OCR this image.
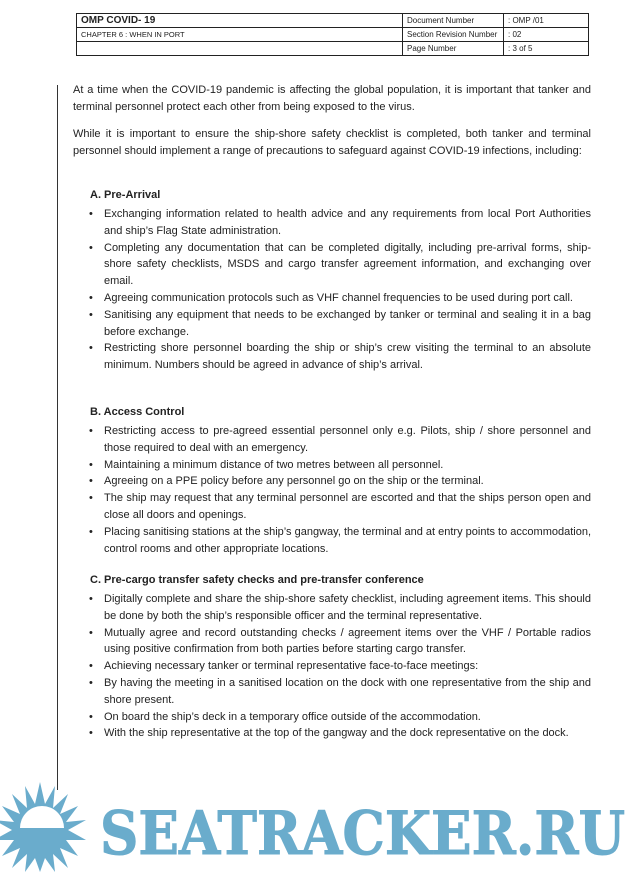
OMP COVID- 19	Document Number	: OMP /01
CHAPTER 6 : WHEN IN PORT	Section Revision Number	: 02
	Page Number	: 3 of 5
At a time when the COVID-19 pandemic is affecting the global population, it is important that tanker and terminal personnel protect each other from being exposed to the virus.
While it is important to ensure the ship-shore safety checklist is completed, both tanker and terminal personnel should implement a range of precautions to safeguard against COVID-19 infections, including:
A. Pre-Arrival
• Exchanging information related to health advice and any requirements from local Port Authorities and ship’s Flag State administration.
• Completing any documentation that can be completed digitally, including pre-arrival forms, ship-shore safety checklists, MSDS and cargo transfer agreement information, and exchanging over email.
• Agreeing communication protocols such as VHF channel frequencies to be used during port call.
• Sanitising any equipment that needs to be exchanged by tanker or terminal and sealing it in a bag before exchange.
• Restricting shore personnel boarding the ship or ship’s crew visiting the terminal to an absolute minimum. Numbers should be agreed in advance of ship’s arrival.
B. Access Control
• Restricting access to pre-agreed essential personnel only e.g. Pilots, ship / shore personnel and those required to deal with an emergency.
• Maintaining a minimum distance of two metres between all personnel.
• Agreeing on a PPE policy before any personnel go on the ship or the terminal.
• The ship may request that any terminal personnel are escorted and that the ships person open and close all doors and openings.
• Placing sanitising stations at the ship’s gangway, the terminal and at entry points to accommodation, control rooms and other appropriate locations.
C. Pre-cargo transfer safety checks and pre-transfer conference
• Digitally complete and share the ship-shore safety checklist, including agreement items. This should be done by both the ship’s responsible officer and the terminal representative.
• Mutually agree and record outstanding checks / agreement items over the VHF / Portable radios using positive confirmation from both parties before starting cargo transfer.
• Achieving necessary tanker or terminal representative face-to-face meetings:
• By having the meeting in a sanitised location on the dock with one representative from the ship and shore present.
• On board the ship’s deck in a temporary office outside of the accommodation.
• With the ship representative at the top of the gangway and the dock representative on the dock.
SEATRACKER.RU
